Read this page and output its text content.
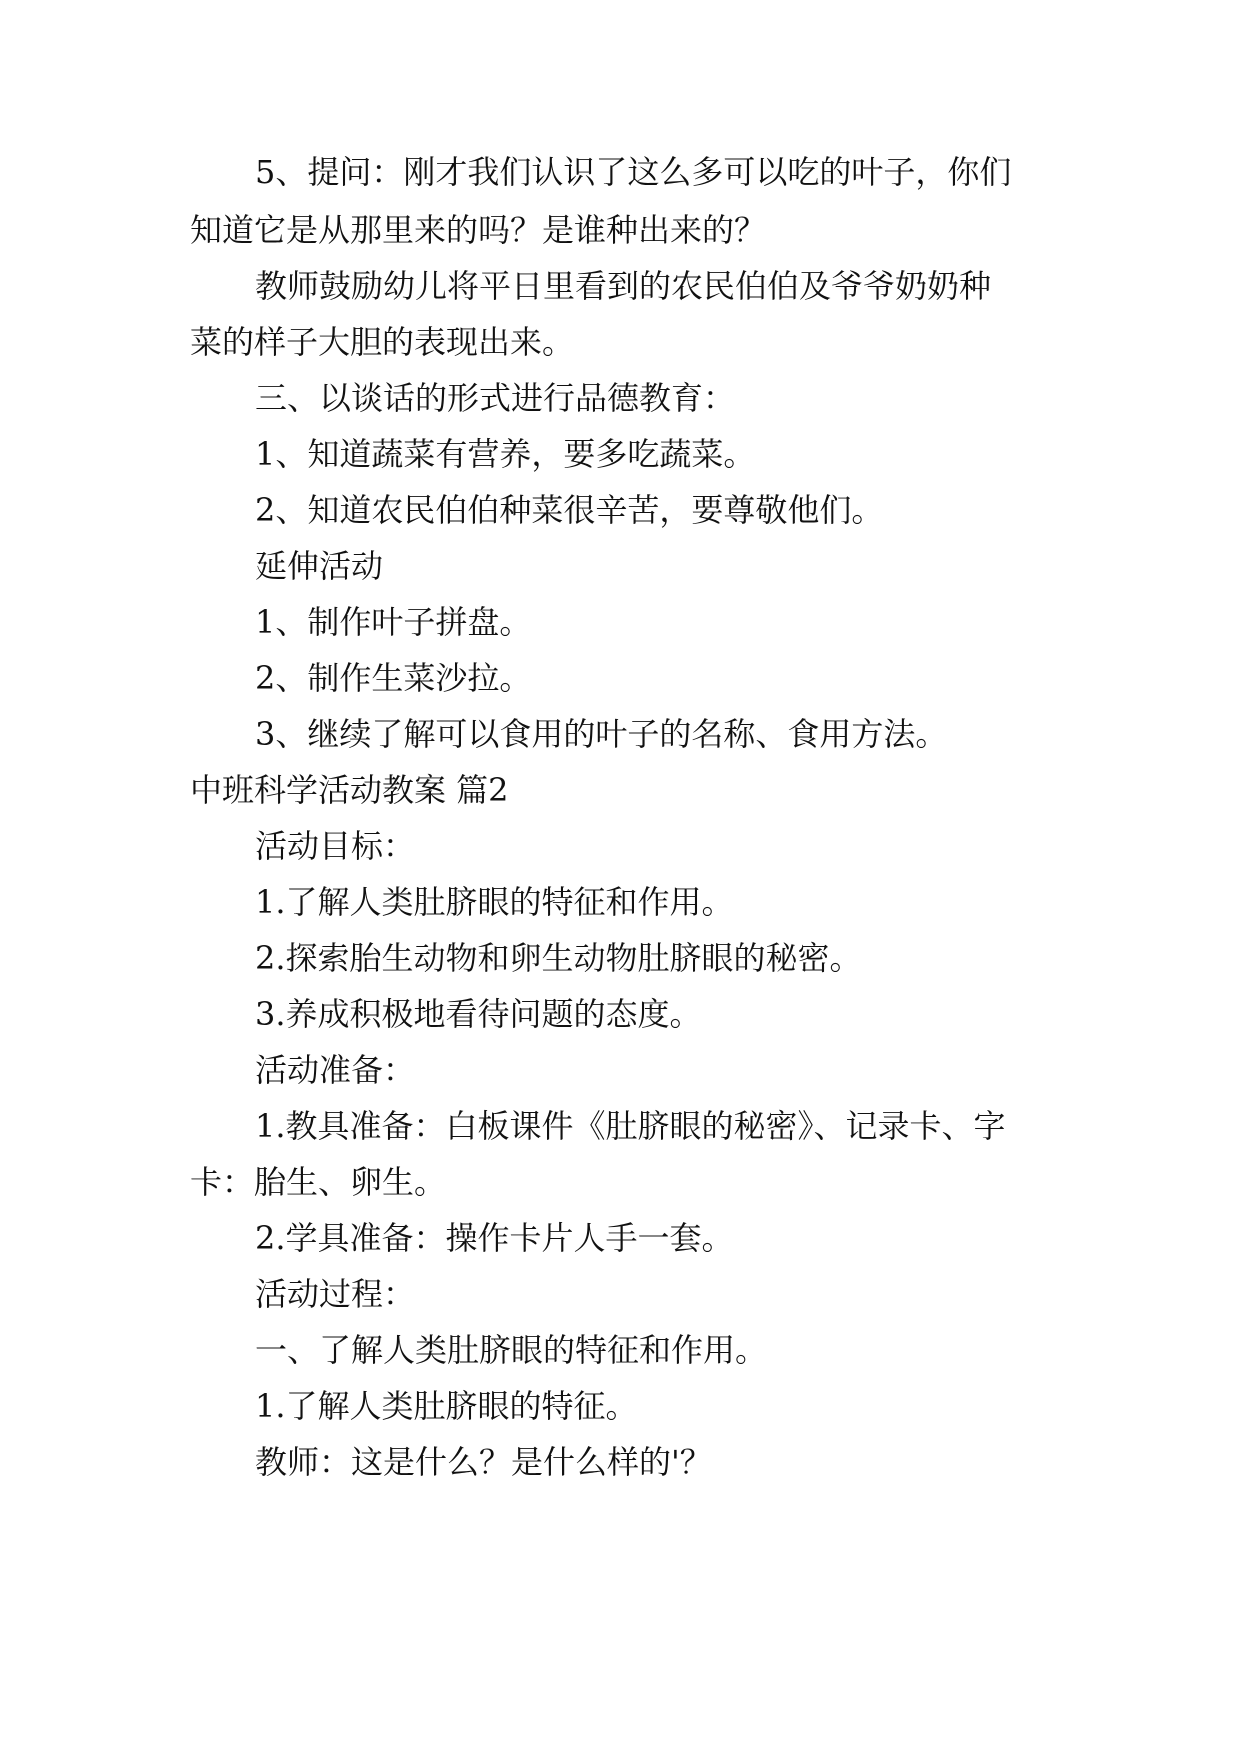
5、提问：刚才我们认识了这么多可以吃的叶子，你们
知道它是从那里来的吗？是谁种出来的？
教师鼓励幼儿将平日里看到的农民伯伯及爷爷奶奶种
菜的样子大胆的表现出来。
三、以谈话的形式进行品德教育：
1、知道蔬菜有营养，要多吃蔬菜。
2、知道农民伯伯种菜很辛苦，要尊敬他们。
延伸活动
1、制作叶子拼盘。
2、制作生菜沙拉。
3、继续了解可以食用的叶子的名称、食用方法。
中班科学活动教案 篇2
活动目标：
1.了解人类肚脐眼的特征和作用。
2.探索胎生动物和卵生动物肚脐眼的秘密。
3.养成积极地看待问题的态度。
活动准备：
1.教具准备：白板课件《肚脐眼的秘密》、记录卡、字
卡：胎生、卵生。
2.学具准备：操作卡片人手一套。
活动过程：
一、了解人类肚脐眼的特征和作用。
1.了解人类肚脐眼的特征。
教师：这是什么？是什么样的'？
